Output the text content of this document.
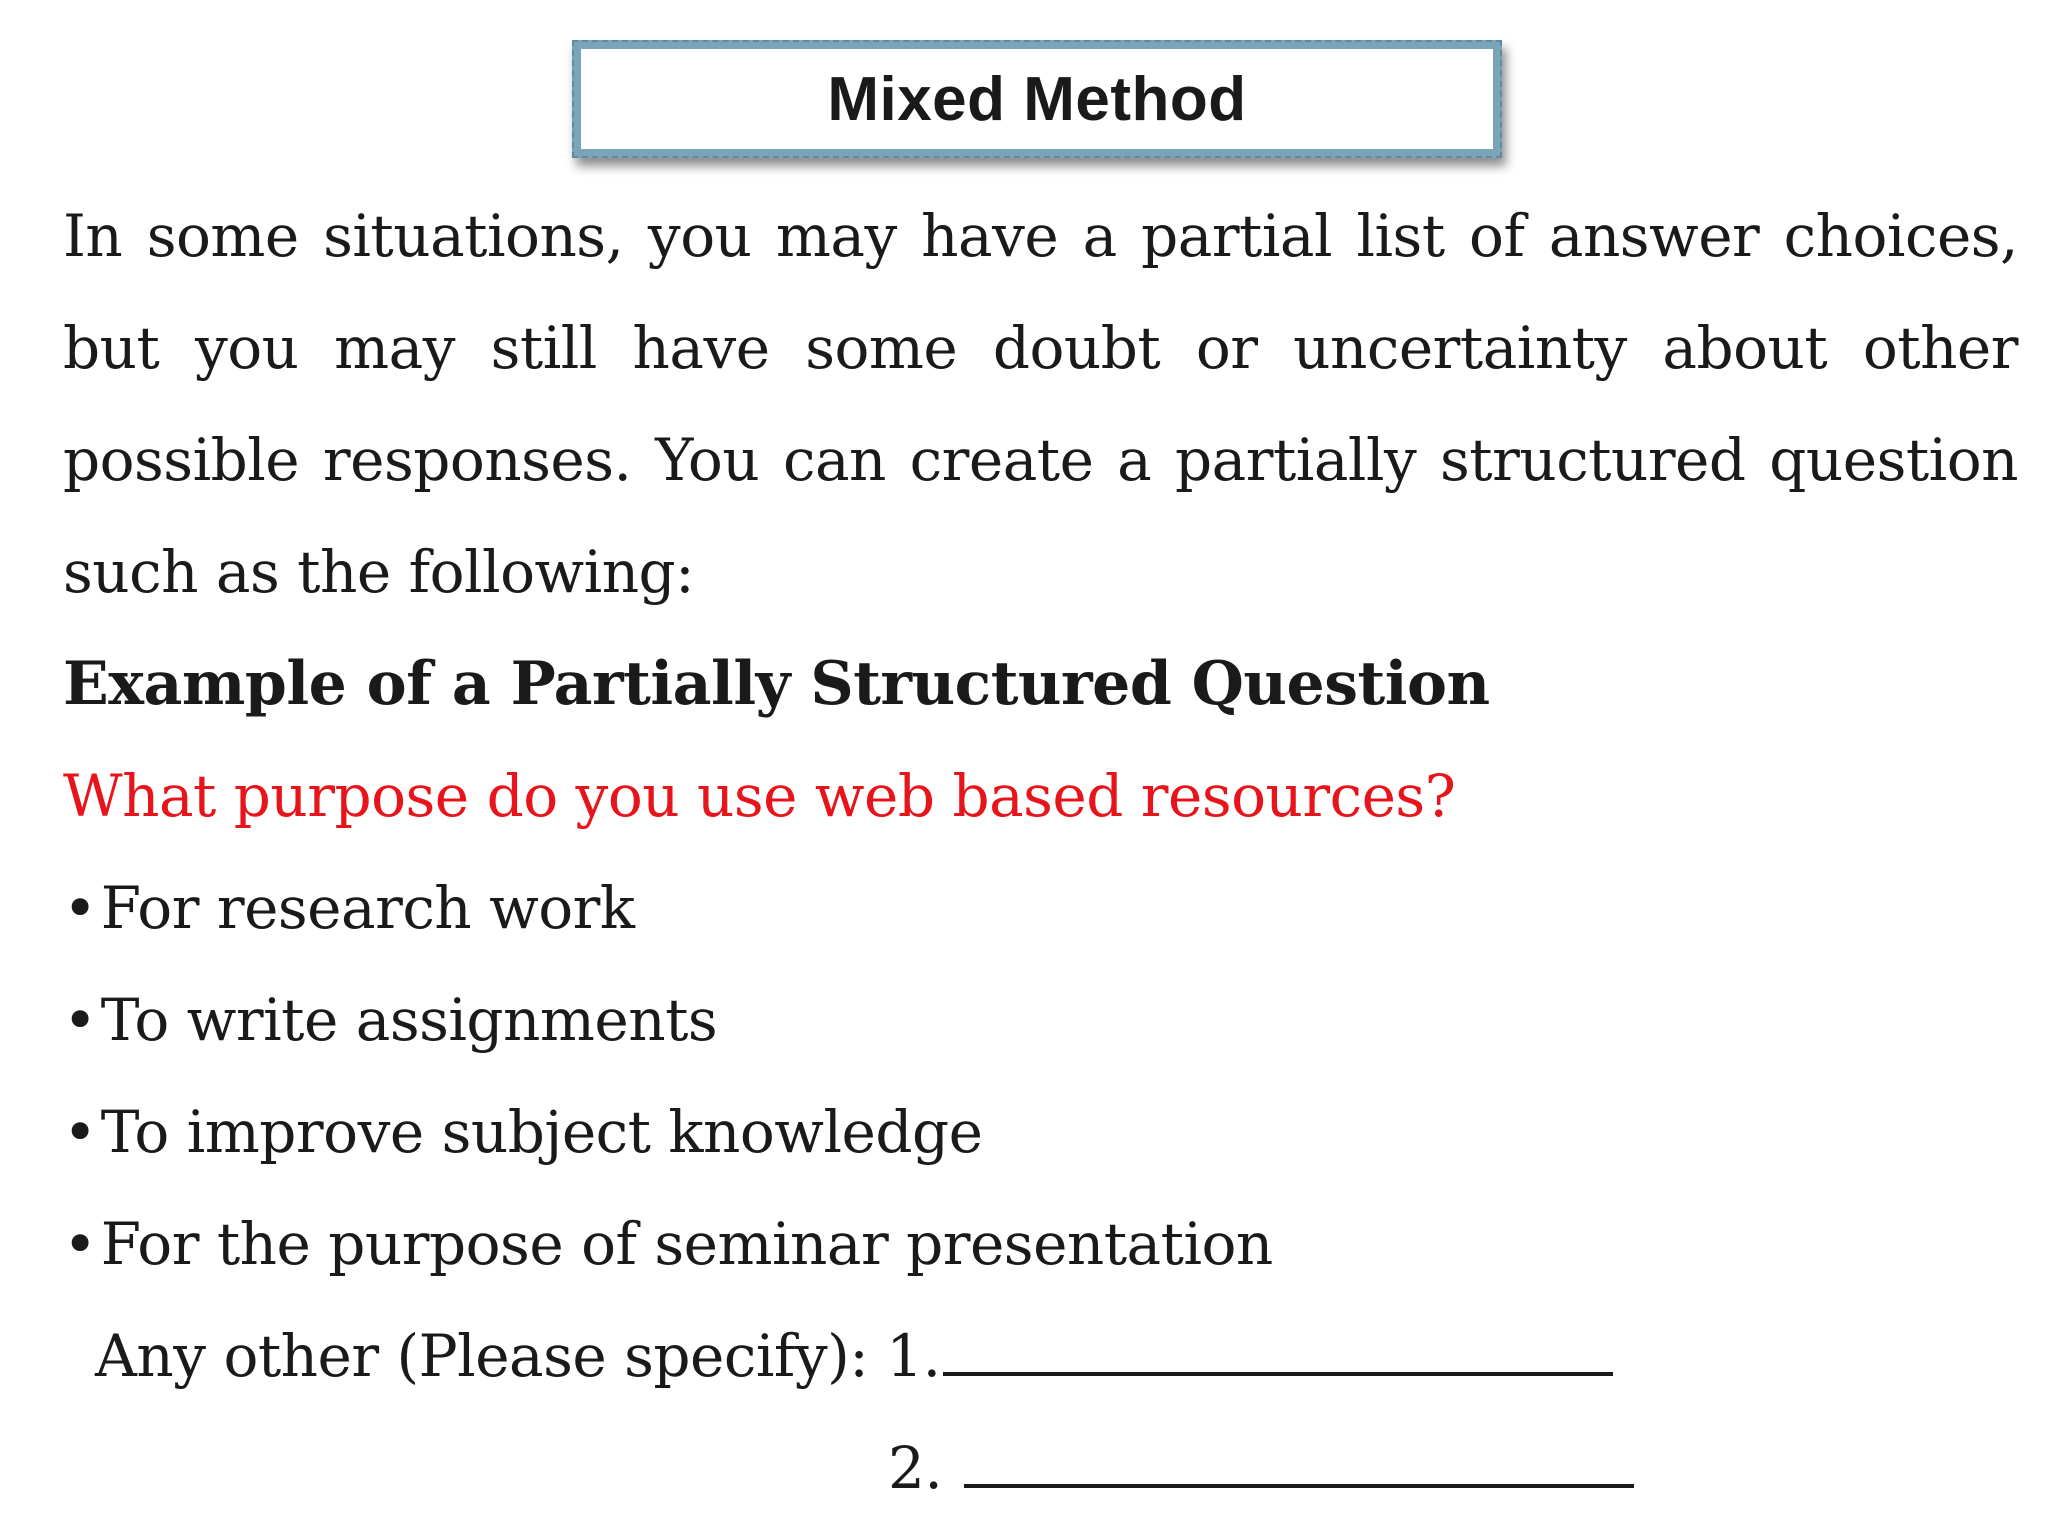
Mixed Method

In some situations, you may have a partial list of answer choices, but you may still have some doubt or uncertainty about other possible responses. You can create a partially structured question such as the following:

Example of a Partially Structured Question

What purpose do you use web based resources?

• For research work
• To write assignments
• To improve subject knowledge
• For the purpose of seminar presentation
Any other (Please specify):
1.
2.
